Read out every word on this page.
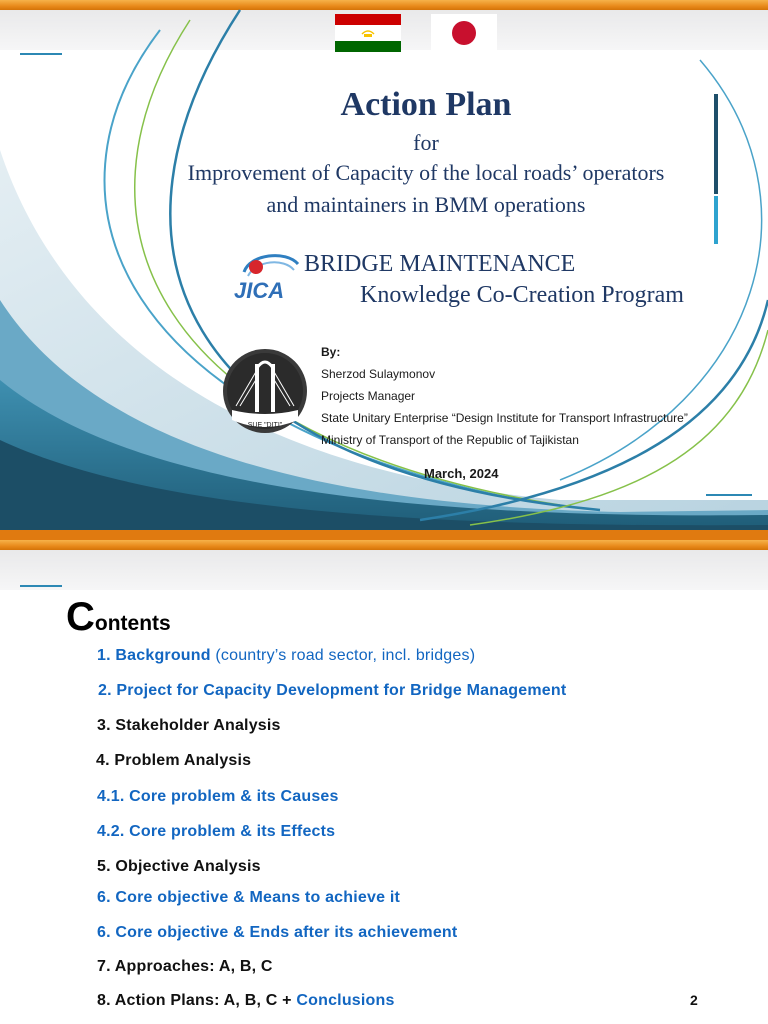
Action Plan
for
Improvement of Capacity of the local roads’ operators
and maintainers in BMM operations
JICA
BRIDGE MAINTENANCE
Knowledge Co-Creation Program
SUE "DITI"
By:
Sherzod Sulaymonov
Projects Manager
State Unitary Enterprise “Design Institute for Transport Infrastructure”
Ministry of Transport of the Republic of Tajikistan
March, 2024
Contents
1. Background (country’s road sector, incl. bridges)
2. Project for Capacity Development for Bridge Management
3. Stakeholder Analysis
4. Problem Analysis
4.1. Core problem & its Causes
4.2. Core problem & its Effects
5. Objective Analysis
6. Core objective & Means to achieve it
6. Core objective & Ends after its achievement
7. Approaches: A, B, C
8. Action Plans: A, B, C + Conclusions	2
